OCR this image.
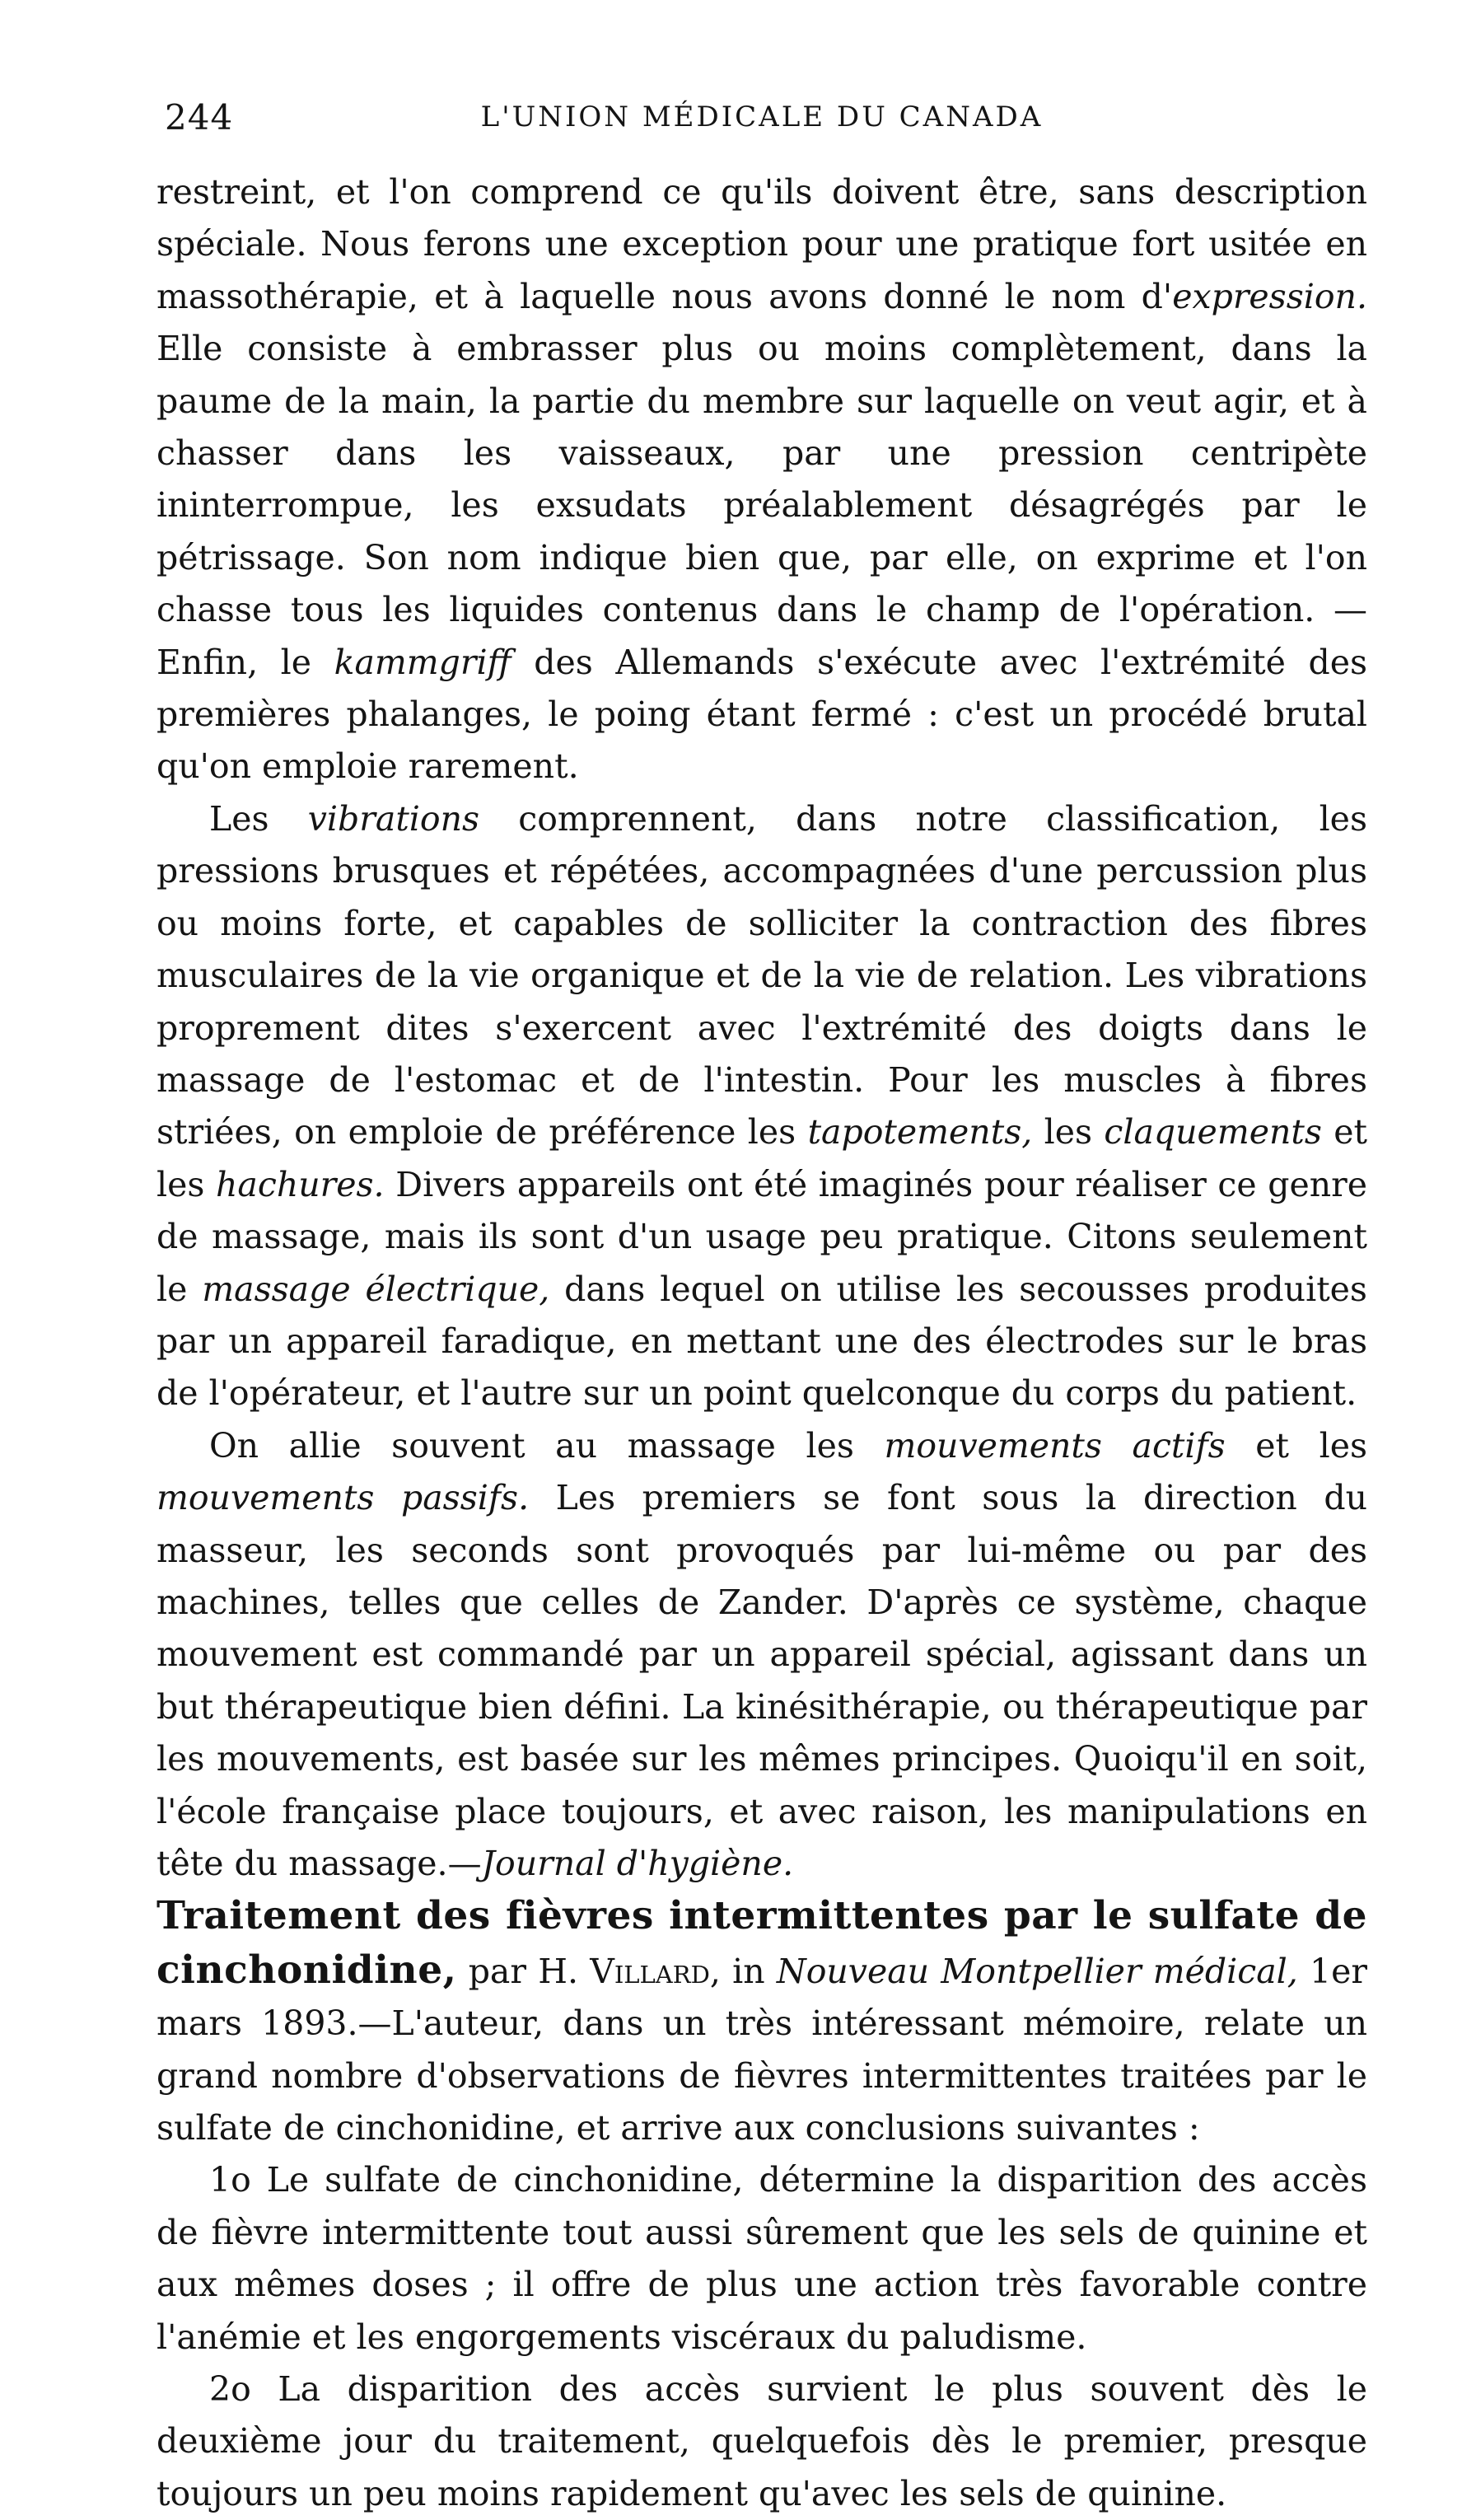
244	L'UNION MÉDICALE DU CANADA

restreint, et l'on comprend ce qu'ils doivent être, sans description spéciale. Nous ferons une exception pour une pratique fort usitée en massothérapie, et à laquelle nous avons donné le nom d'expression. Elle consiste à embrasser plus ou moins complètement, dans la paume de la main, la partie du membre sur laquelle on veut agir, et à chasser dans les vaisseaux, par une pression centripète ininterrompue, les exsudats préalablement désagrégés par le pétrissage. Son nom indique bien que, par elle, on exprime et l'on chasse tous les liquides contenus dans le champ de l'opération. —Enfin, le kammgriff des Allemands s'exécute avec l'extrémité des premières phalanges, le poing étant fermé : c'est un procédé brutal qu'on emploie rarement.

Les vibrations comprennent, dans notre classification, les pressions brusques et répétées, accompagnées d'une percussion plus ou moins forte, et capables de solliciter la contraction des fibres musculaires de la vie organique et de la vie de relation. Les vibrations proprement dites s'exercent avec l'extrémité des doigts dans le massage de l'estomac et de l'intestin. Pour les muscles à fibres striées, on emploie de préférence les tapotements, les claquements et les hachures. Divers appareils ont été imaginés pour réaliser ce genre de massage, mais ils sont d'un usage peu pratique. Citons seulement le massage électrique, dans lequel on utilise les secousses produites par un appareil faradique, en mettant une des électrodes sur le bras de l'opérateur, et l'autre sur un point quelconque du corps du patient.

On allie souvent au massage les mouvements actifs et les mouvements passifs. Les premiers se font sous la direction du masseur, les seconds sont provoqués par lui-même ou par des machines, telles que celles de Zander. D'après ce système, chaque mouvement est commandé par un appareil spécial, agissant dans un but thérapeutique bien défini. La kinésithérapie, ou thérapeutique par les mouvements, est basée sur les mêmes principes. Quoiqu'il en soit, l'école française place toujours, et avec raison, les manipulations en tête du massage.—Journal d'hygiène.

Traitement des fièvres intermittentes par le sulfate de cinchonidine, par H. Villard, in Nouveau Montpellier médical, 1er mars 1893.—L'auteur, dans un très intéressant mémoire, relate un grand nombre d'observations de fièvres intermittentes traitées par le sulfate de cinchonidine, et arrive aux conclusions suivantes :

1o Le sulfate de cinchonidine, détermine la disparition des accès de fièvre intermittente tout aussi sûrement que les sels de quinine et aux mêmes doses ; il offre de plus une action très favorable contre l'anémie et les engorgements viscéraux du paludisme.

2o La disparition des accès survient le plus souvent dès le deuxième jour du traitement, quelquefois dès le premier, presque toujours un peu moins rapidement qu'avec les sels de quinine.
